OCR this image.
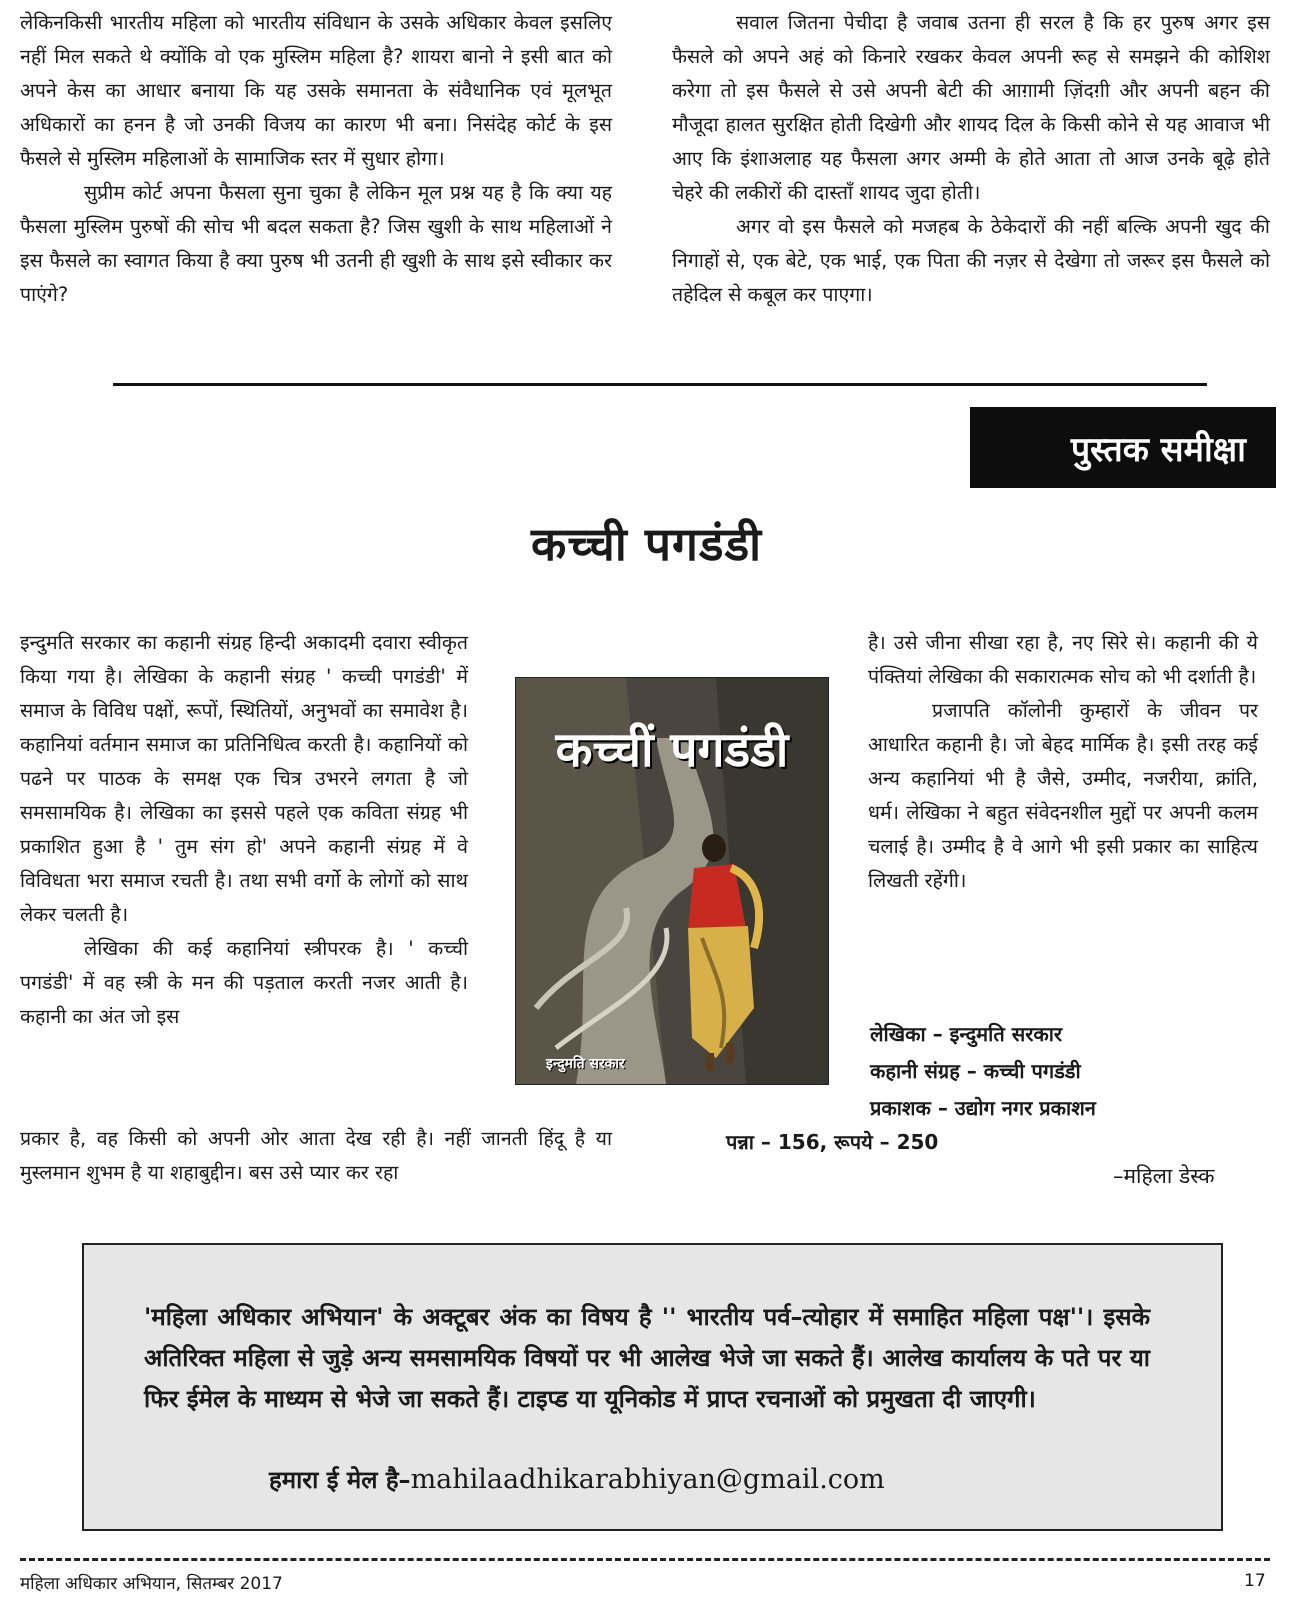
लेकिनकिसी भारतीय महिला को भारतीय संविधान के उसके अधिकार केवल इसलिए नहीं मिल सकते थे क्योंकि वो एक मुस्लिम महिला है? शायरा बानो ने इसी बात को अपने केस का आधार बनाया कि यह उसके समानता के संवैधानिक एवं मूलभूत अधिकारों का हनन है जो उनकी विजय का कारण भी बना। निसंदेह कोर्ट के इस फैसले से मुस्लिम महिलाओं के सामाजिक स्तर में सुधार होगा।

सुप्रीम कोर्ट अपना फैसला सुना चुका है लेकिन मूल प्रश्न यह है कि क्या यह फैसला मुस्लिम पुरुषों की सोच भी बदल सकता है? जिस खुशी के साथ महिलाओं ने इस फैसले का स्वागत किया है क्या पुरुष भी उतनी ही खुशी के साथ इसे स्वीकार कर पाएंगे?

सवाल जितना पेचीदा है जवाब उतना ही सरल है कि हर पुरुष अगर इस फैसले को अपने अहं को किनारे रखकर केवल अपनी रूह से समझने की कोशिश करेगा तो इस फैसले से उसे अपनी बेटी की आग़ामी ज़िंदग़ी और अपनी बहन की मौजूदा हालत सुरक्षित होती दिखेगी और शायद दिल के किसी कोने से यह आवाज भी आए कि इंशाअलाह यह फैसला अगर अम्मी के होते आता तो आज उनके बूढ़े होते चेहरे की लकीरों की दास्ताँ शायद जुदा होती।

अगर वो इस फैसले को मजहब के ठेकेदारों की नहीं बल्कि अपनी खुद की निगाहों से, एक बेटे, एक भाई, एक पिता की नज़र से देखेगा तो जरूर इस फैसले को तहेदिल से कबूल कर पाएगा।

पुस्तक समीक्षा
कच्ची पगडंडी

इन्दुमति सरकार का कहानी संग्रह हिन्दी अकादमी दवारा स्वीकृत किया गया है। लेखिका के कहानी संग्रह ' कच्ची पगडंडी' में समाज के विविध पक्षों, रूपों, स्थितियों, अनुभवों का समावेश है। कहानियां वर्तमान समाज का प्रतिनिधित्व करती है। कहानियों को पढने पर पाठक के समक्ष एक चित्र उभरने लगता है जो समसामयिक है। लेखिका का इससे पहले एक कविता संग्रह भी प्रकाशित हुआ है ' तुम संग हो' अपने कहानी संग्रह में वे विविधता भरा समाज रचती है। तथा सभी वर्गो के लोगों को साथ लेकर चलती है।

लेखिका की कई कहानियां स्त्रीपरक है। ' कच्ची पगडंडी' में वह स्त्री के मन की पड़ताल करती नजर आती है। कहानी का अंत जो इस

प्रकार है, वह किसी को अपनी ओर आता देख रही है। नहीं जानती हिंदू है या मुस्लमान शुभम है या शहाबुद्दीन। बस उसे प्यार कर रहा

कच्चीं पगडंडी
इन्दुमति सरकार

है। उसे जीना सीखा रहा है, नए सिरे से। कहानी की ये पंक्तियां लेखिका की सकारात्मक सोच को भी दर्शाती है।

प्रजापति कॉलोनी कुम्हारों के जीवन पर आधारित कहानी है। जो बेहद मार्मिक है। इसी तरह कई अन्य कहानियां भी है जैसे, उम्मीद, नजरीया, क्रांति, धर्म। लेखिका ने बहुत संवेदनशील मुद्दों पर अपनी कलम चलाई है। उम्मीद है वे आगे भी इसी प्रकार का साहित्य लिखती रहेंगी।

लेखिका – इन्दुमति सरकार
कहानी संग्रह – कच्ची पगडंडी
प्रकाशक – उद्योग नगर प्रकाशन
पन्ना – 156, रूपये – 250
–महिला डेस्क
'महिला अधिकार अभियान' के अक्टूबर अंक का विषय है '' भारतीय पर्व–त्योहार में समाहित महिला पक्ष''। इसके अतिरिक्त महिला से जुड़े अन्य समसामयिक विषयों पर भी आलेख भेजे जा सकते हैं। आलेख कार्यालय के पते पर या फिर ईमेल के माध्यम से भेजे जा सकते हैं। टाइप्ड या यूनिकोड में प्राप्त रचनाओं को प्रमुखता दी जाएगी।
हमारा ई मेल है–mahilaadhikarabhiyan@gmail.com
महिला अधिकार अभियान, सितम्बर 2017	17
